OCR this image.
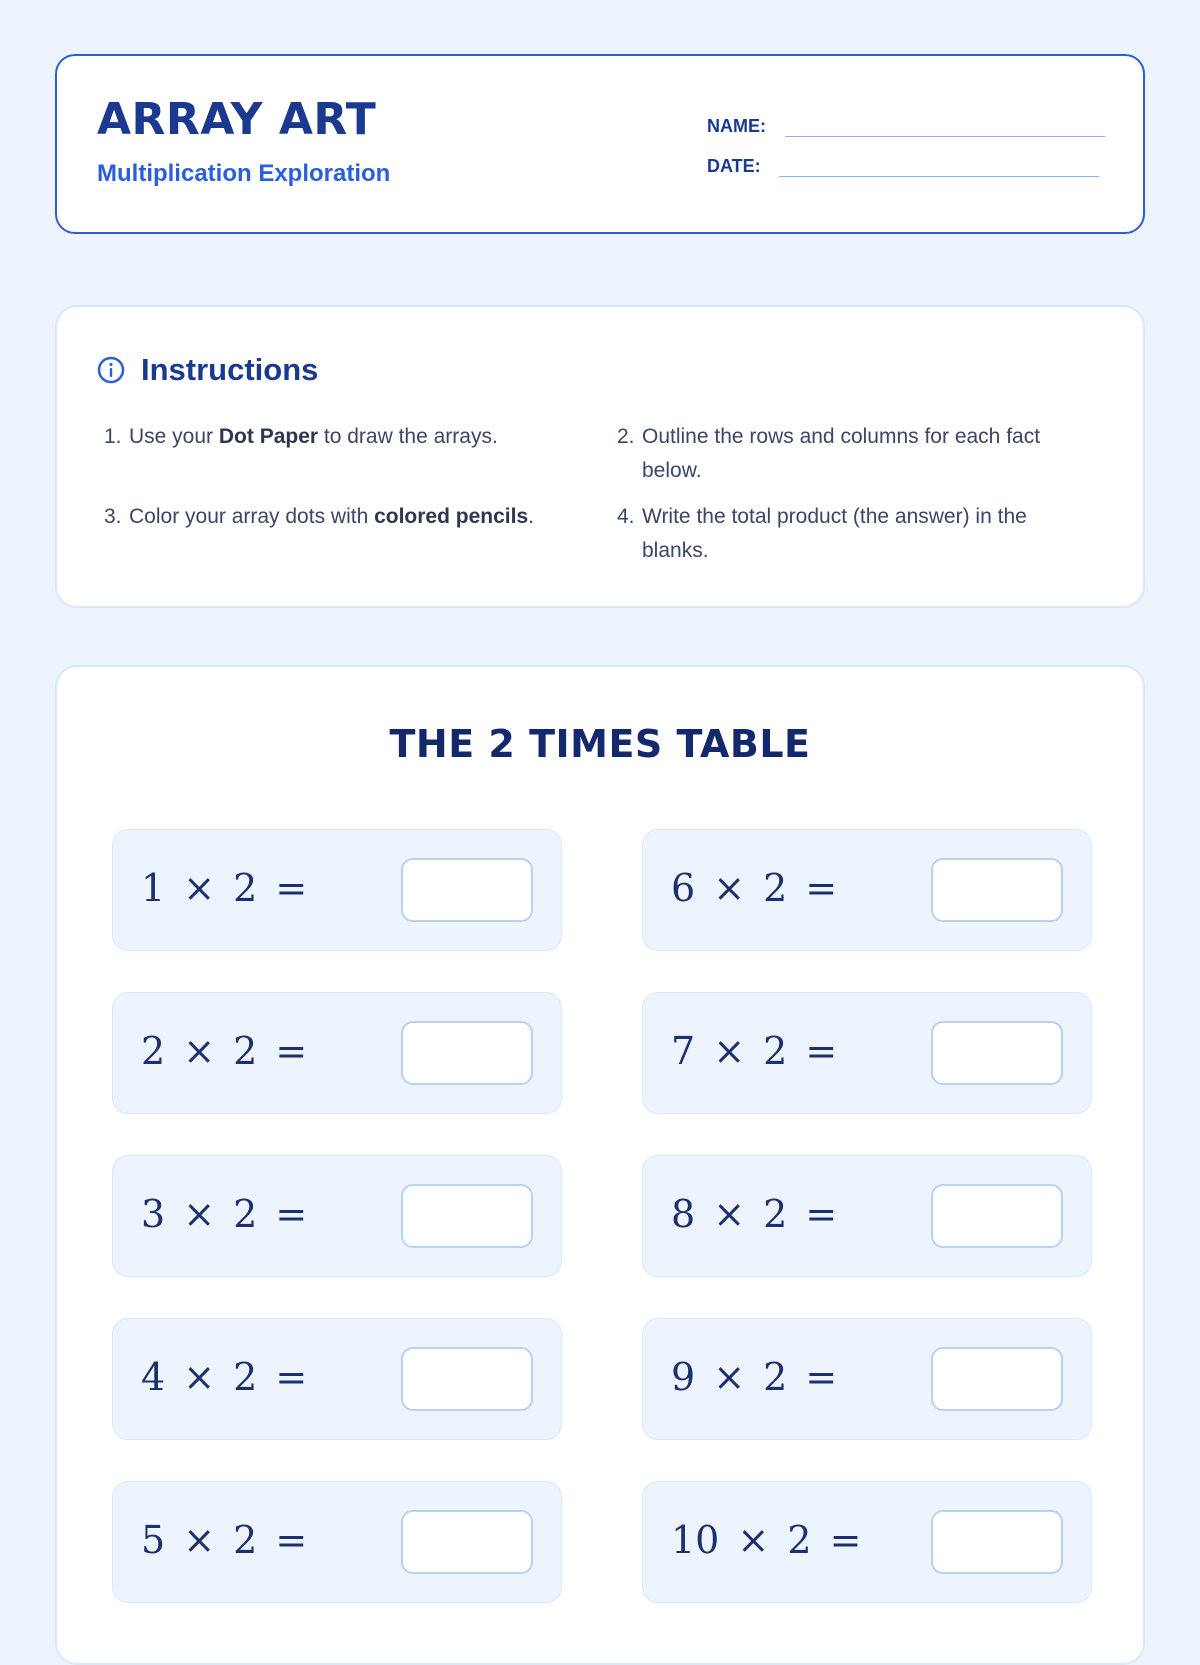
ARRAY ART
Multiplication Exploration
NAME:
DATE:
Instructions
1. Use your Dot Paper to draw the arrays.	2. Outline the rows and columns for each fact below.
3. Color your array dots with colored pencils.	4. Write the total product (the answer) in the blanks.
THE 2 TIMES TABLE
1 × 2 =
2 × 2 =
3 × 2 =
4 × 2 =
5 × 2 =
6 × 2 =
7 × 2 =
8 × 2 =
9 × 2 =
10 × 2 =
